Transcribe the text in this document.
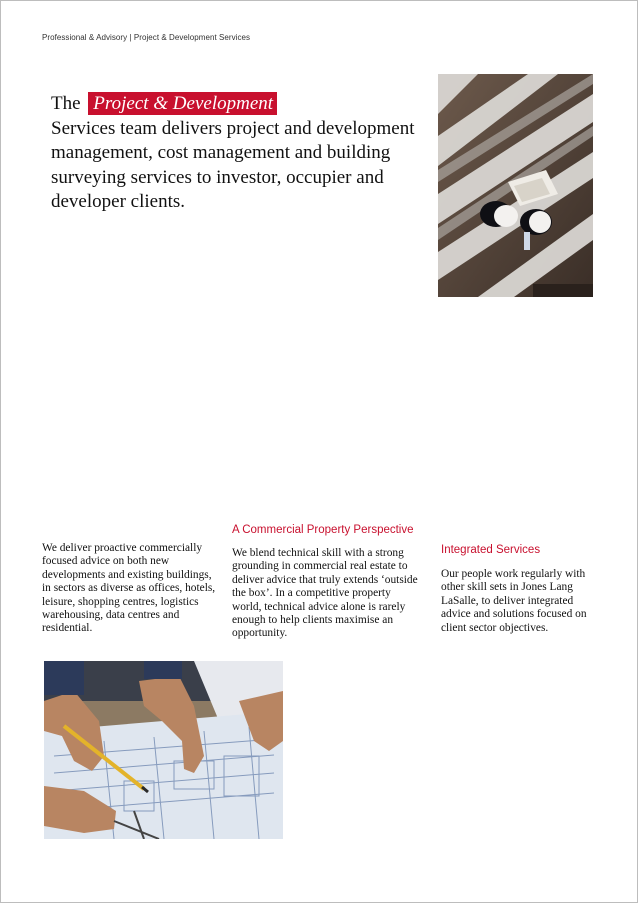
Professional & Advisory | Project & Development Services
The Project & Development
Services team delivers project and development management, cost management and building surveying services to investor, occupier and developer clients.

We deliver proactive commercially focused advice on both new developments and existing buildings, in sectors as diverse as offices, hotels, leisure, shopping centres, logistics warehousing, data centres and residential.

A Commercial Property Perspective

We blend technical skill with a strong grounding in commercial real estate to deliver advice that truly extends ‘outside the box’. In a competitive property world, technical advice alone is rarely enough to help clients maximise an opportunity.

Integrated Services

Our people work regularly with other skill sets in Jones Lang LaSalle, to deliver integrated advice and solutions focused on client sector objectives.
